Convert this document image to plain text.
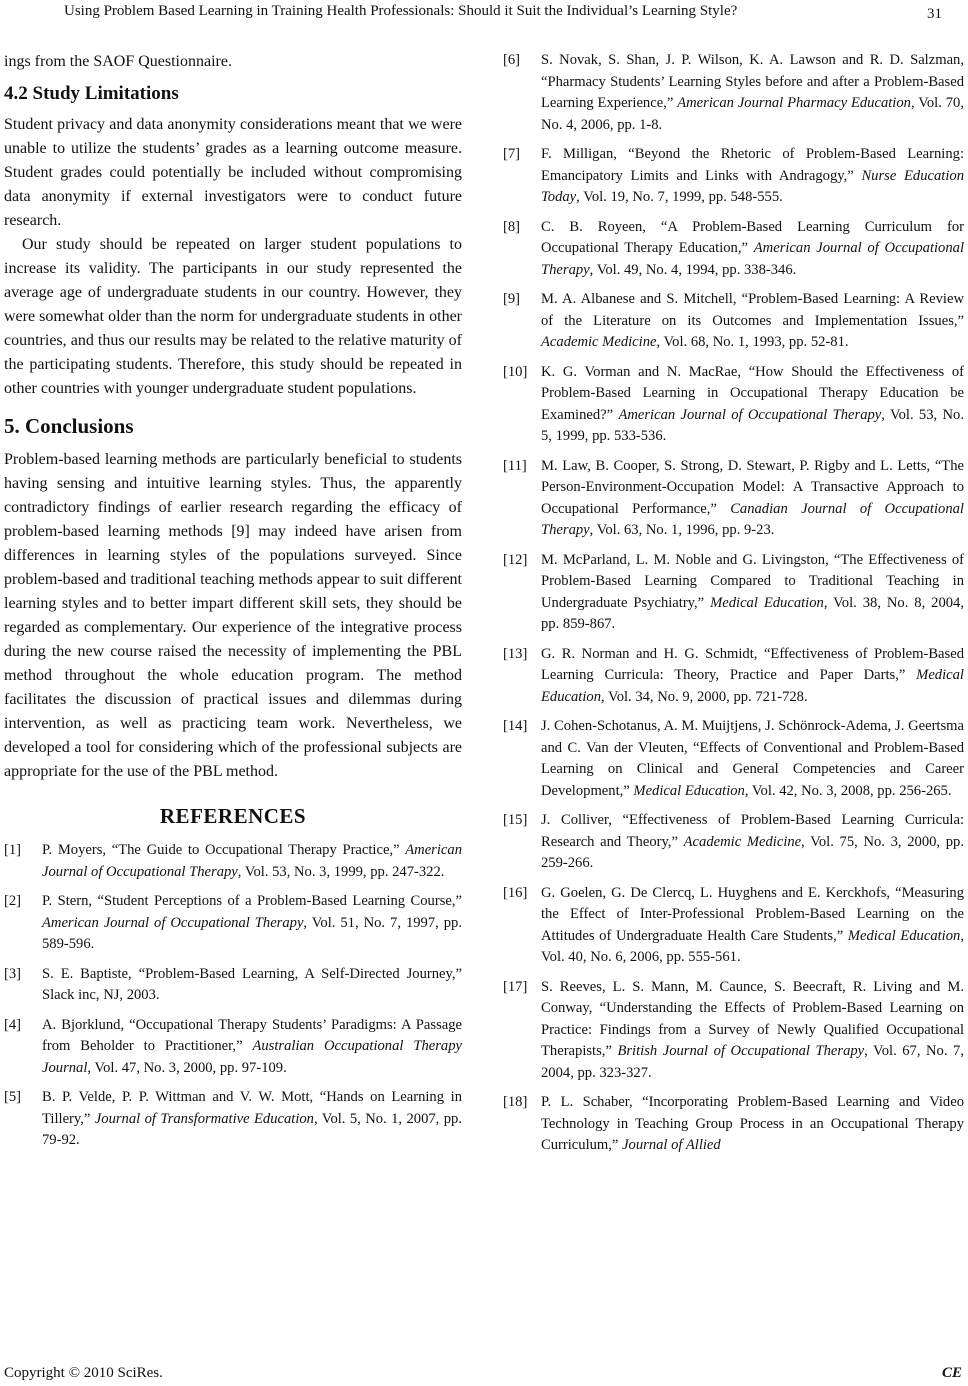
Using Problem Based Learning in Training Health Professionals: Should it Suit the Individual’s Learning Style?	31

ings from the SAOF Questionnaire.

4.2 Study Limitations

Student privacy and data anonymity considerations meant that we were unable to utilize the students’ grades as a learning outcome measure. Student grades could potentially be included without compromising data anonymity if external investigators were to conduct future research.

Our study should be repeated on larger student populations to increase its validity. The participants in our study represented the average age of undergraduate students in our country. However, they were somewhat older than the norm for undergraduate students in other countries, and thus our results may be related to the relative maturity of the participating students. Therefore, this study should be repeated in other countries with younger undergraduate student populations.

5. Conclusions

Problem-based learning methods are particularly beneficial to students having sensing and intuitive learning styles. Thus, the apparently contradictory findings of earlier research regarding the efficacy of problem-based learning methods [9] may indeed have arisen from differences in learning styles of the populations surveyed. Since problem-based and traditional teaching methods appear to suit different learning styles and to better impart different skill sets, they should be regarded as complementary. Our experience of the integrative process during the new course raised the necessity of implementing the PBL method throughout the whole education program. The method facilitates the discussion of practical issues and dilemmas during intervention, as well as practicing team work. Nevertheless, we developed a tool for considering which of the professional subjects are appropriate for the use of the PBL method.

REFERENCES
[1]	P. Moyers, “The Guide to Occupational Therapy Practice,” American Journal of Occupational Therapy, Vol. 53, No. 3, 1999, pp. 247-322.
[2]	P. Stern, “Student Perceptions of a Problem-Based Learning Course,” American Journal of Occupational Therapy, Vol. 51, No. 7, 1997, pp. 589-596.
[3]	S. E. Baptiste, “Problem-Based Learning, A Self-Directed Journey,” Slack inc, NJ, 2003.
[4]	A. Bjorklund, “Occupational Therapy Students’ Paradigms: A Passage from Beholder to Practitioner,” Australian Occupational Therapy Journal, Vol. 47, No. 3, 2000, pp. 97-109.
[5]	B. P. Velde, P. P. Wittman and V. W. Mott, “Hands on Learning in Tillery,” Journal of Transformative Education, Vol. 5, No. 1, 2007, pp. 79-92.
[6]	S. Novak, S. Shan, J. P. Wilson, K. A. Lawson and R. D. Salzman, “Pharmacy Students’ Learning Styles before and after a Problem-Based Learning Experience,” American Journal Pharmacy Education, Vol. 70, No. 4, 2006, pp. 1-8.
[7]	F. Milligan, “Beyond the Rhetoric of Problem-Based Learning: Emancipatory Limits and Links with Andragogy,” Nurse Education Today, Vol. 19, No. 7, 1999, pp. 548-555.
[8]	C. B. Royeen, “A Problem-Based Learning Curriculum for Occupational Therapy Education,” American Journal of Occupational Therapy, Vol. 49, No. 4, 1994, pp. 338-346.
[9]	M. A. Albanese and S. Mitchell, “Problem-Based Learning: A Review of the Literature on its Outcomes and Implementation Issues,” Academic Medicine, Vol. 68, No. 1, 1993, pp. 52-81.
[10] K. G. Vorman and N. MacRae, “How Should the Effectiveness of Problem-Based Learning in Occupational Therapy Education be Examined?” American Journal of Occupational Therapy, Vol. 53, No. 5, 1999, pp. 533-536.
[11] M. Law, B. Cooper, S. Strong, D. Stewart, P. Rigby and L. Letts, “The Person-Environment-Occupation Model: A Transactive Approach to Occupational Performance,” Canadian Journal of Occupational Therapy, Vol. 63, No. 1, 1996, pp. 9-23.
[12] M. McParland, L. M. Noble and G. Livingston, “The Effectiveness of Problem-Based Learning Compared to Traditional Teaching in Undergraduate Psychiatry,” Medical Education, Vol. 38, No. 8, 2004, pp. 859-867.
[13] G. R. Norman and H. G. Schmidt, “Effectiveness of Problem-Based Learning Curricula: Theory, Practice and Paper Darts,” Medical Education, Vol. 34, No. 9, 2000, pp. 721-728.
[14] J. Cohen-Schotanus, A. M. Muijtjens, J. Schönrock-Adema, J. Geertsma and C. Van der Vleuten, “Effects of Conventional and Problem-Based Learning on Clinical and General Competencies and Career Development,” Medical Education, Vol. 42, No. 3, 2008, pp. 256-265.
[15] J. Colliver, “Effectiveness of Problem-Based Learning Curricula: Research and Theory,” Academic Medicine, Vol. 75, No. 3, 2000, pp. 259-266.
[16] G. Goelen, G. De Clercq, L. Huyghens and E. Kerckhofs, “Measuring the Effect of Inter-Professional Problem-Based Learning on the Attitudes of Undergraduate Health Care Students,” Medical Education, Vol. 40, No. 6, 2006, pp. 555-561.
[17] S. Reeves, L. S. Mann, M. Caunce, S. Beecraft, R. Living and M. Conway, “Understanding the Effects of Problem-Based Learning on Practice: Findings from a Survey of Newly Qualified Occupational Therapists,” British Journal of Occupational Therapy, Vol. 67, No. 7, 2004, pp. 323-327.
[18] P. L. Schaber, “Incorporating Problem-Based Learning and Video Technology in Teaching Group Process in an Occupational Therapy Curriculum,” Journal of Allied
Copyright © 2010 SciRes.	CE
